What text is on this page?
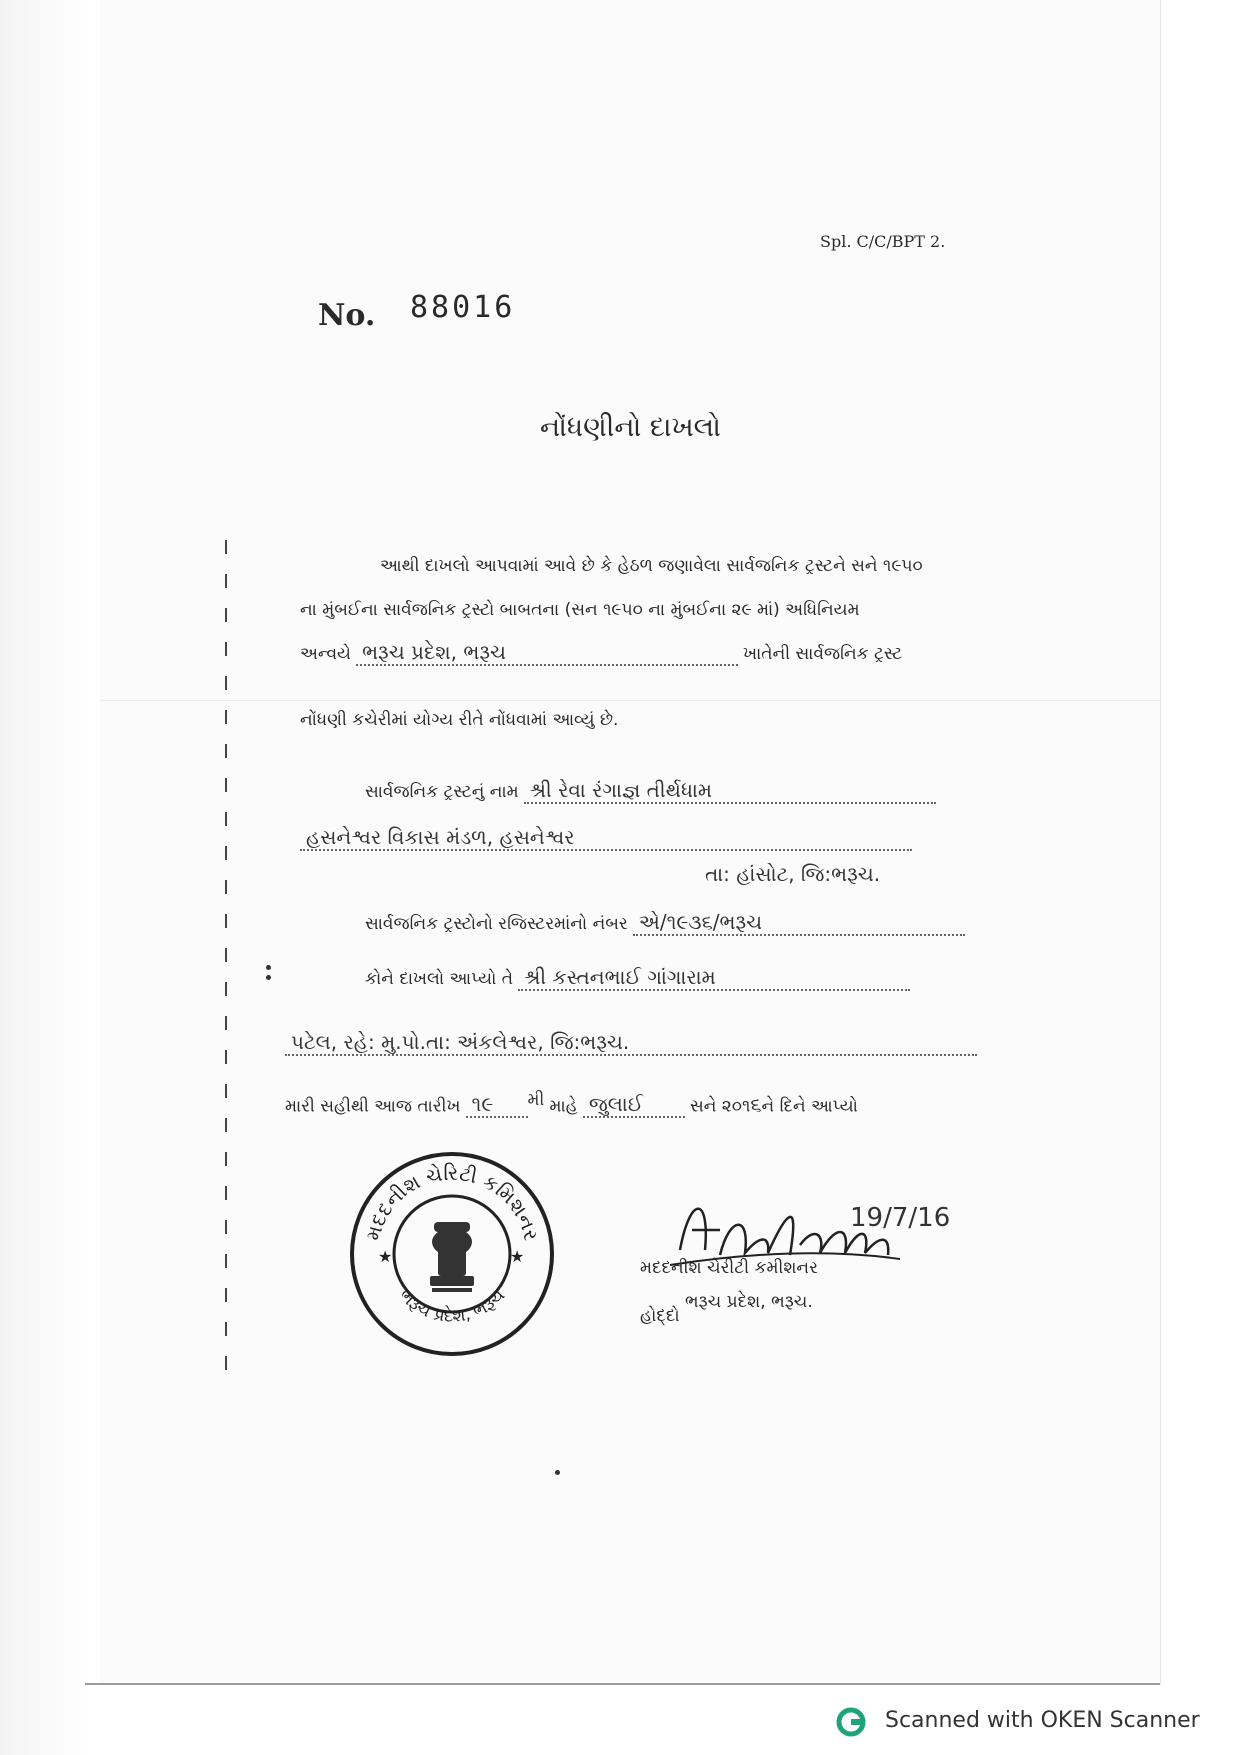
Spl. C/C/BPT 2.
No. 88016
નોંધણીનો દાખલો
આથી દાખલો આપવામાં આવે છે કે હેઠળ જણાવેલા સાર્વજનિક ટ્રસ્ટને સને ૧૯૫૦
ના મુંબઈના સાર્વજનિક ટ્રસ્ટો બાબતના (સન ૧૯૫૦ ના મુંબઈના ૨૯ માં) અધિનિયમ
અન્વયે ભરૂચ પ્રદેશ, ભરૂચ	ખાતેની સાર્વજનિક ટ્રસ્ટ
નોંધણી કચેરીમાં યોગ્ય રીતે નોંધવામાં આવ્યું છે.
સાર્વજનિક ટ્રસ્ટનું નામ શ્રી રેવા રંગાજ્ઞ તીર્થધામ
હસનેશ્વર વિકાસ મંડળ, હસનેશ્વર
તા: હાંસોટ, જિ:ભરૂચ.
સાર્વજનિક ટ્રસ્ટોનો રજિસ્ટરમાંનો નંબર એ/૧૯૩૬/ભરૂચ
કોને દાખલો આપ્યો તે શ્રી કસ્તનભાઈ ગાંગારામ
પટેલ, રહે: મુ.પો.તા: અંકલેશ્વર, જિ:ભરૂચ.
મારી સહીથી આજ તારીખ ૧૯ $^{મી}$ માહે જુલાઈ	સને ૨૦૧૬ને દિને આપ્યો
મદદનીશ ચેરિટી કમિશનર
ભરૂચ પ્રદેશ, ભરૂચ
★	★
19/7/16
મદદનીશ ચેરીટી કમીશનર
ભરૂચ પ્રદેશ, ભરૂચ.
હોદ્દો
Scanned with OKEN Scanner
